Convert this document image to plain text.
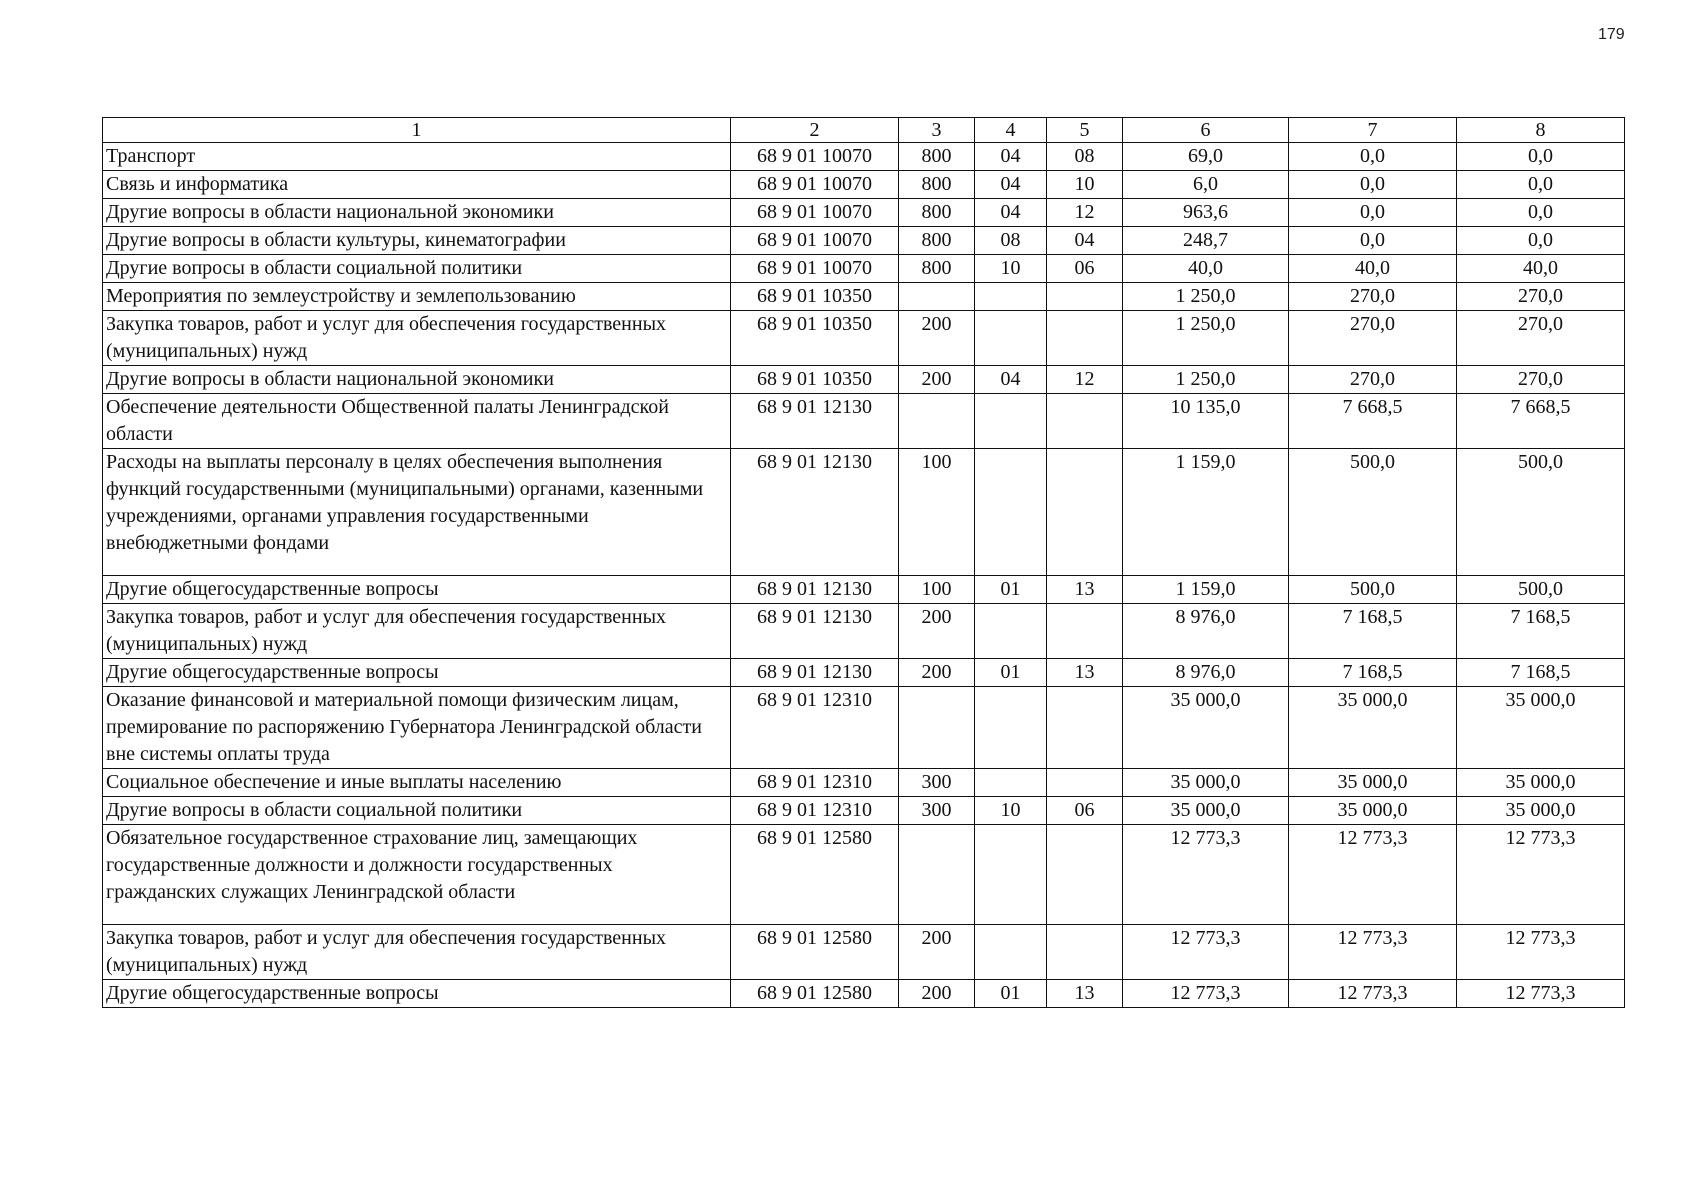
179
1	2	3	4	5	6	7	8
Транспорт	68 9 01 10070	800	04	08	69,0	0,0	0,0
Связь и информатика	68 9 01 10070	800	04	10	6,0	0,0	0,0
Другие вопросы в области национальной экономики	68 9 01 10070	800	04	12	963,6	0,0	0,0
Другие вопросы в области культуры, кинематографии	68 9 01 10070	800	08	04	248,7	0,0	0,0
Другие вопросы в области социальной политики	68 9 01 10070	800	10	06	40,0	40,0	40,0
Мероприятия по землеустройству и землепользованию	68 9 01 10350				1 250,0	270,0	270,0
Закупка товаров, работ и услуг для обеспечения государственных (муниципальных) нужд	68 9 01 10350	200			1 250,0	270,0	270,0
Другие вопросы в области национальной экономики	68 9 01 10350	200	04	12	1 250,0	270,0	270,0
Обеспечение деятельности Общественной палаты Ленинградской области	68 9 01 12130				10 135,0	7 668,5	7 668,5
Расходы на выплаты персоналу в целях обеспечения выполнения функций государственными (муниципальными) органами, казенными учреждениями, органами управления государственными внебюджетными фондами	68 9 01 12130	100			1 159,0	500,0	500,0
Другие общегосударственные вопросы	68 9 01 12130	100	01	13	1 159,0	500,0	500,0
Закупка товаров, работ и услуг для обеспечения государственных (муниципальных) нужд	68 9 01 12130	200			8 976,0	7 168,5	7 168,5
Другие общегосударственные вопросы	68 9 01 12130	200	01	13	8 976,0	7 168,5	7 168,5
Оказание финансовой и материальной помощи физическим лицам, премирование по распоряжению Губернатора Ленинградской области вне системы оплаты труда	68 9 01 12310				35 000,0	35 000,0	35 000,0
Социальное обеспечение и иные выплаты населению	68 9 01 12310	300			35 000,0	35 000,0	35 000,0
Другие вопросы в области социальной политики	68 9 01 12310	300	10	06	35 000,0	35 000,0	35 000,0
Обязательное государственное страхование лиц, замещающих государственные должности и должности государственных гражданских служащих Ленинградской области	68 9 01 12580				12 773,3	12 773,3	12 773,3
Закупка товаров, работ и услуг для обеспечения государственных (муниципальных) нужд	68 9 01 12580	200			12 773,3	12 773,3	12 773,3
Другие общегосударственные вопросы	68 9 01 12580	200	01	13	12 773,3	12 773,3	12 773,3
